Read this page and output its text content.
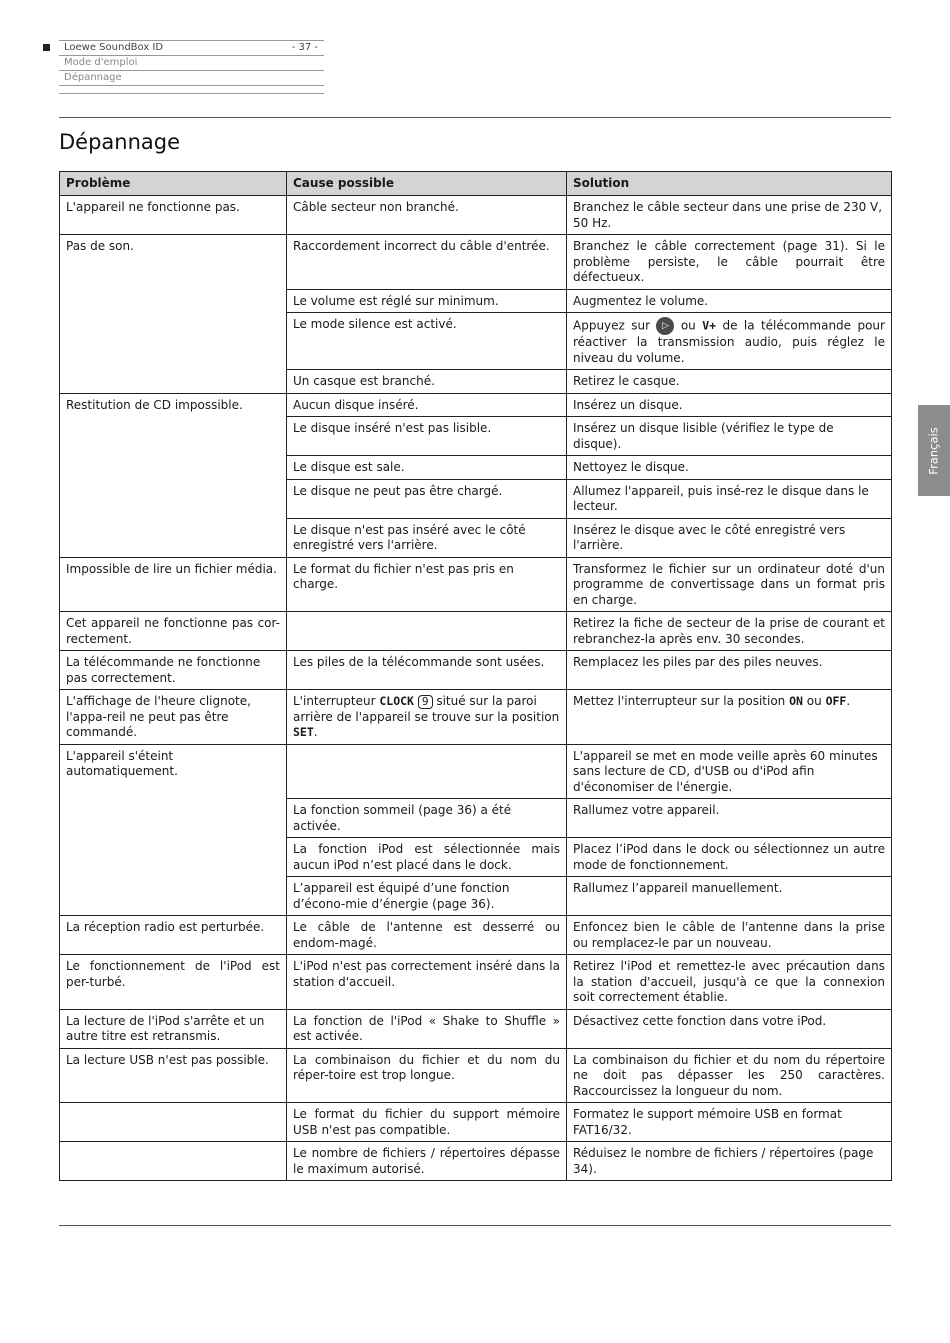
Loewe SoundBox ID	- 37 -
Mode d'emploi
Dépannage
Dépannage
Français
Problème	Cause possible	Solution
L'appareil ne fonctionne pas.	Câble secteur non branché.	Branchez le câble secteur dans une prise de 230 V, 50 Hz.
Pas de son.	Raccordement incorrect du câble d'entrée.	Branchez le câble correctement (page 31). Si le problème persiste, le câble pourrait être défectueux.
	Le volume est réglé sur minimum.	Augmentez le volume.
	Le mode silence est activé.	Appuyez sur ▷ ou V+ de la télécommande pour réactiver la transmission audio, puis réglez le niveau du volume.
	Un casque est branché.	Retirez le casque.
Restitution de CD impossible.	Aucun disque inséré.	Insérez un disque.
	Le disque inséré n'est pas lisible.	Insérez un disque lisible (vérifiez le type de disque).
	Le disque est sale.	Nettoyez le disque.
	Le disque ne peut pas être chargé.	Allumez l'appareil, puis insé-rez le disque dans le lecteur.
	Le disque n'est pas inséré avec le côté enregistré vers l'arrière.	Insérez le disque avec le côté enregistré vers l'arrière.
Impossible de lire un fichier média.	Le format du fichier n'est pas pris en charge.	Transformez le fichier sur un ordinateur doté d'un programme de convertissage dans un format pris en charge.
Cet appareil ne fonctionne pas cor-rectement.		Retirez la fiche de secteur de la prise de courant et rebranchez-la après env. 30 secondes.
La télécommande ne fonctionne pas correctement.	Les piles de la télécommande sont usées.	Remplacez les piles par des piles neuves.
L'affichage de l'heure clignote, l'appa-reil ne peut pas être commandé.	L'interrupteur CLOCK 9 situé sur la paroi arrière de l'appareil se trouve sur la position SET.	Mettez l'interrupteur sur la position ON ou OFF.
L'appareil s'éteint automatiquement.		L'appareil se met en mode veille après 60 minutes sans lecture de CD, d'USB ou d'iPod afin d'économiser de l'énergie.
	La fonction sommeil (page 36) a été activée.	Rallumez votre appareil.
	La fonction iPod est sélectionnée mais aucun iPod n’est placé dans le dock.	Placez l’iPod dans le dock ou sélectionnez un autre mode de fonctionnement.
	L’appareil est équipé d’une fonction d’écono-mie d’énergie (page 36).	Rallumez l’appareil manuellement.
La réception radio est perturbée.	Le câble de l'antenne est desserré ou endom-magé.	Enfoncez bien le câble de l'antenne dans la prise ou remplacez-le par un nouveau.
Le fonctionnement de l'iPod est per-turbé.	L'iPod n'est pas correctement inséré dans la station d'accueil.	Retirez l'iPod et remettez-le avec précaution dans la station d'accueil, jusqu'à ce que la connexion soit correctement établie.
La lecture de l'iPod s'arrête et un autre titre est retransmis.	La fonction de l'iPod « Shake to Shuffle » est activée.	Désactivez cette fonction dans votre iPod.
La lecture USB n'est pas possible.	La combinaison du fichier et du nom du réper-toire est trop longue.	La combinaison du fichier et du nom du répertoire ne doit pas dépasser les 250 caractères. Raccourcissez la longueur du nom.
	Le format du fichier du support mémoire USB n'est pas compatible.	Formatez le support mémoire USB en format FAT16/32.
	Le nombre de fichiers / répertoires dépasse le maximum autorisé.	Réduisez le nombre de fichiers / répertoires (page 34).
